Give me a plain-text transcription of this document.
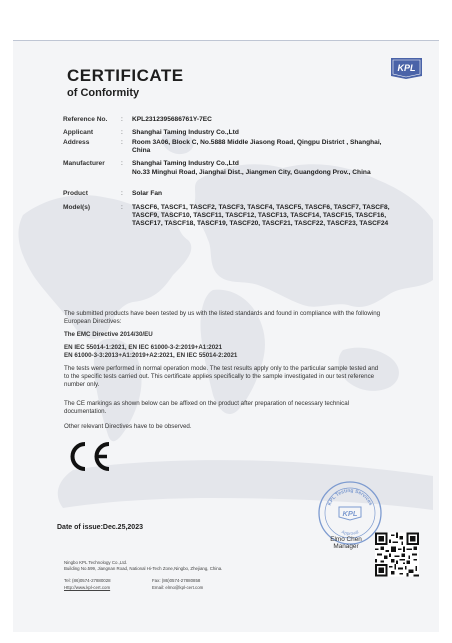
KPL
CERTIFICATE
of Conformity
Reference No. : KPL2312395686761Y-7EC
Applicant	: Shanghai Taming Industry Co.,Ltd
Address	: Room 3A06, Block C, No.5888 Middle Jiasong Road, Qingpu District , Shanghai, China
Manufacturer : Shanghai Taming Industry Co.,Ltd
No.33 Minghui Road, Jianghai Dist., Jiangmen City, Guangdong Prov., China
Product	: Solar Fan
Model(s)	: TASCF6, TASCF1, TASCF2, TASCF3, TASCF4, TASCF5, TASCF6, TASCF7, TASCF8, TASCF9, TASCF10, TASCF11, TASCF12, TASCF13, TASCF14, TASCF15, TASCF16, TASCF17, TASCF18, TASCF19, TASCF20, TASCF21, TASCF22, TASCF23, TASCF24
The submitted products have been tested by us with the listed standards and found in compliance with the following European Directives:
The EMC Directive 2014/30/EU
EN IEC 55014-1:2021, EN IEC 61000-3-2:2019+A1:2021
EN 61000-3-3:2013+A1:2019+A2:2021, EN IEC 55014-2:2021
The tests were performed in normal operation mode. The test results apply only to the particular sample tested and to the specific tests carried out. This certificate applies specifically to the sample investigated in our test reference number only.
The CE markings as shown below can be affixed on the product after preparation of necessary technical documentation.
Other relevant Directives have to be observed.
KPL Testing Services
Approval
KPL
Date of issue:Dec.25,2023
Elmo Chen
Manager
Ningbo KPL Technology Co.,Ltd.
Building No.599, Jiangnan Road, National Hi-Tech Zone,Ningbo, Zhejiang, China.
Tel: (86)0574-27880028	Fax: (86)0574-27880858
Http://www.kpl-cert.com	Email: elmo@kpl-cert.com
